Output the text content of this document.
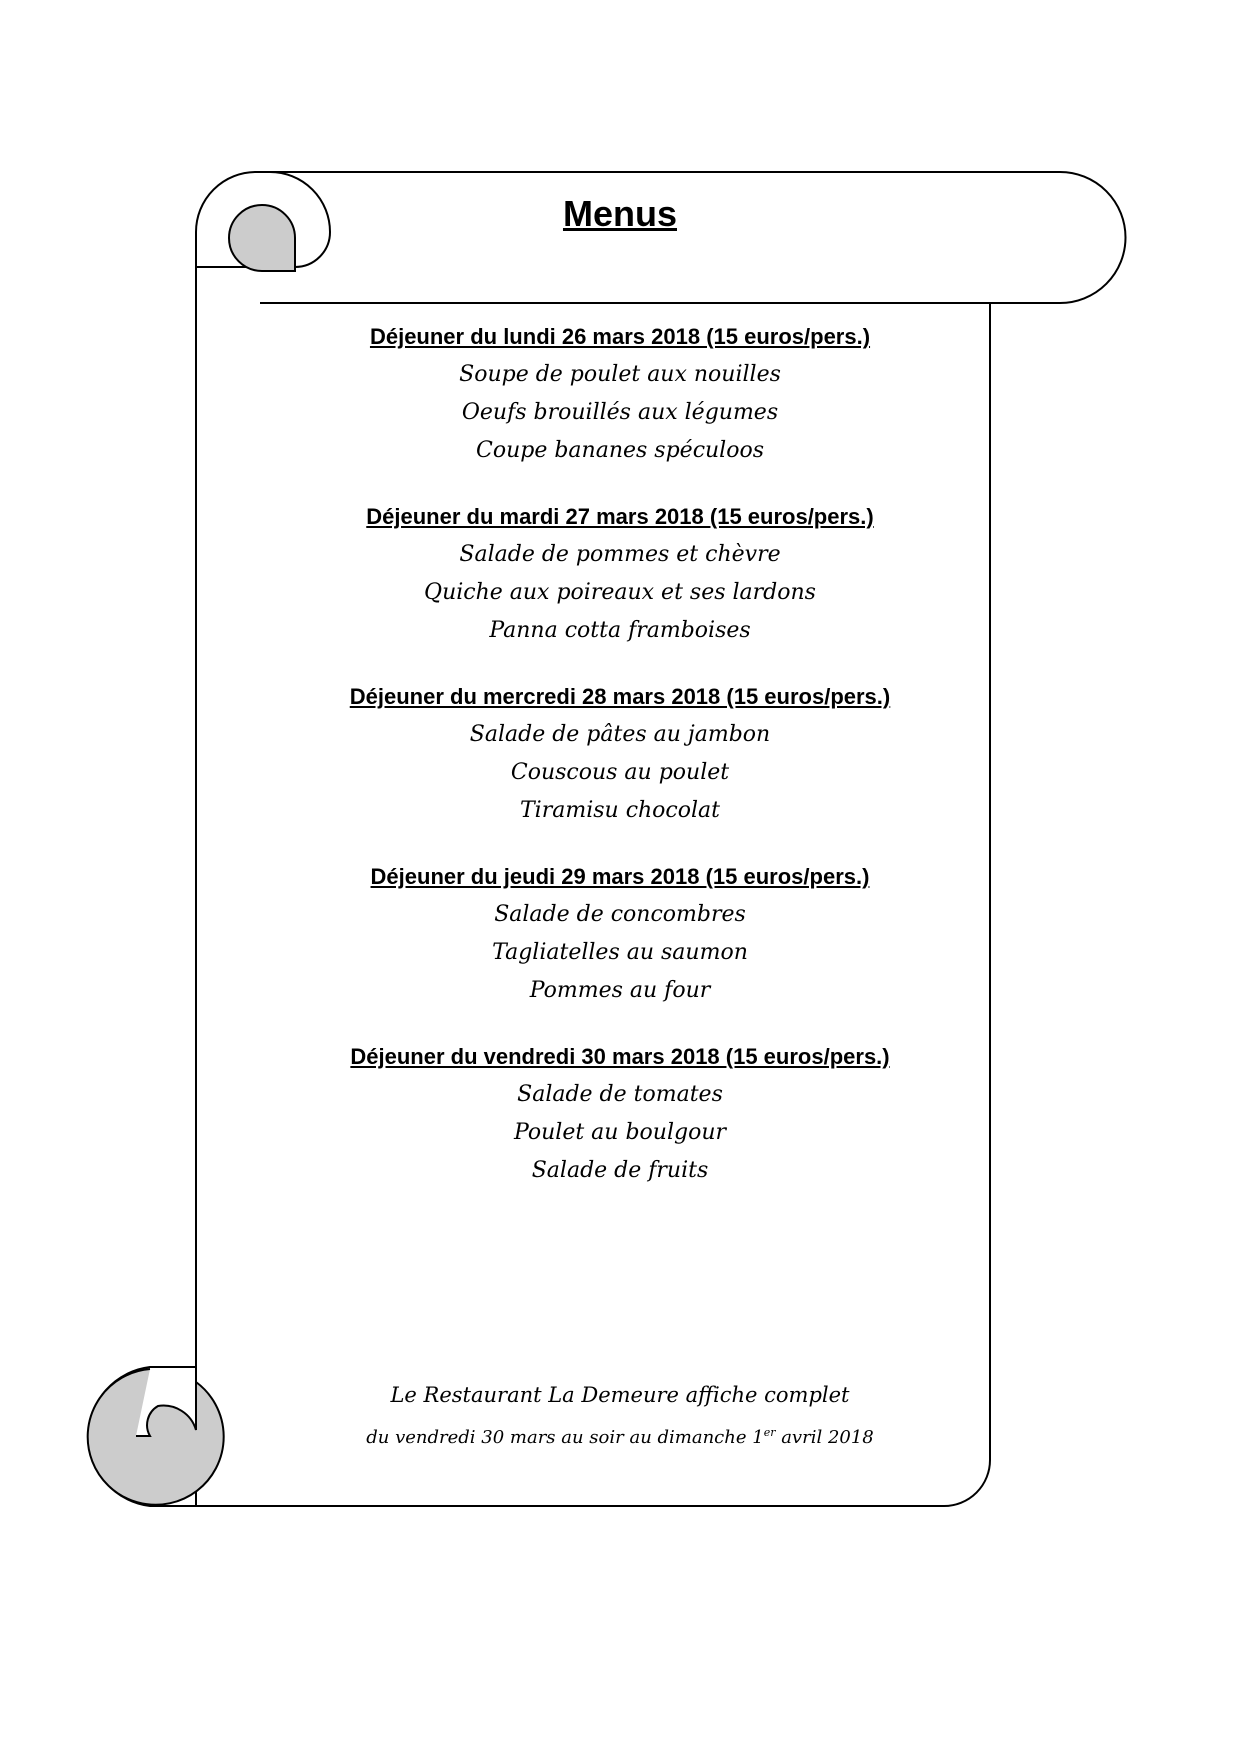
Menus

Déjeuner du lundi 26 mars 2018 (15 euros/pers.)

Soupe de poulet aux nouilles

Oeufs brouillés aux légumes

Coupe bananes spéculoos

Déjeuner du mardi 27 mars 2018 (15 euros/pers.)

Salade de pommes et chèvre

Quiche aux poireaux et ses lardons

Panna cotta framboises

Déjeuner du mercredi 28 mars 2018 (15 euros/pers.)

Salade de pâtes au jambon

Couscous au poulet

Tiramisu chocolat

Déjeuner du jeudi 29 mars 2018 (15 euros/pers.)

Salade de concombres

Tagliatelles au saumon

Pommes au four

Déjeuner du vendredi 30 mars 2018 (15 euros/pers.)

Salade de tomates

Poulet au boulgour

Salade de fruits

Le Restaurant La Demeure affiche complet

du vendredi 30 mars au soir au dimanche 1er avril 2018
